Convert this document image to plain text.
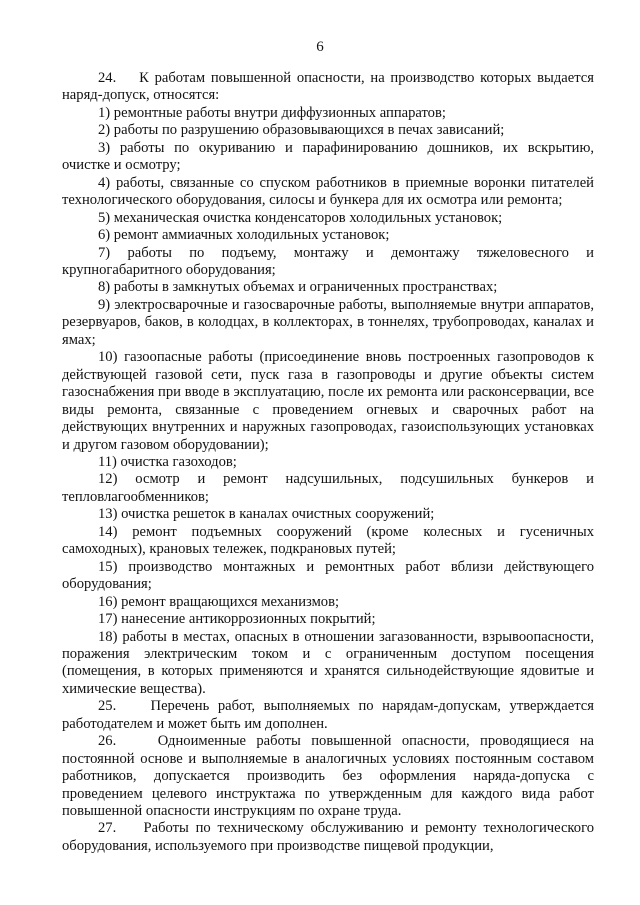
6

24.    К работам повышенной опасности, на производство которых выдается наряд-допуск, относятся:

1) ремонтные работы внутри диффузионных аппаратов;

2) работы по разрушению образовывающихся в печах зависаний;

3) работы по окуриванию и парафинированию дошников, их вскрытию, очистке и осмотру;

4) работы, связанные со спуском работников в приемные воронки питателей технологического оборудования, силосы и бункера для их осмотра или ремонта;

5) механическая очистка конденсаторов холодильных установок;

6) ремонт аммиачных холодильных установок;

7) работы по подъему, монтажу и демонтажу тяжеловесного и крупногабаритного оборудования;

8) работы в замкнутых объемах и ограниченных пространствах;

9) электросварочные и газосварочные работы, выполняемые внутри аппаратов, резервуаров, баков, в колодцах, в коллекторах, в тоннелях, трубопроводах, каналах и ямах;

10) газоопасные работы (присоединение вновь построенных газопроводов к действующей газовой сети, пуск газа в газопроводы и другие объекты систем газоснабжения при вводе в эксплуатацию, после их ремонта или расконсервации, все виды ремонта, связанные с проведением огневых и сварочных работ на действующих внутренних и наружных газопроводах, газоиспользующих установках и другом газовом оборудовании);

11) очистка газоходов;

12) осмотр и ремонт надсушильных, подсушильных бункеров и тепловлагообменников;

13) очистка решеток в каналах очистных сооружений;

14) ремонт подъемных сооружений (кроме колесных и гусеничных самоходных), крановых тележек, подкрановых путей;

15) производство монтажных и ремонтных работ вблизи действующего оборудования;

16) ремонт вращающихся механизмов;

17) нанесение антикоррозионных покрытий;

18) работы в местах, опасных в отношении загазованности, взрывоопасности, поражения электрическим током и с ограниченным доступом посещения (помещения, в которых применяются и хранятся сильнодействующие ядовитые и химические вещества).

25.    Перечень работ, выполняемых по нарядам-допускам, утверждается работодателем и может быть им дополнен.

26.    Одноименные работы повышенной опасности, проводящиеся на постоянной основе и выполняемые в аналогичных условиях постоянным составом работников, допускается производить без оформления наряда-допуска с проведением целевого инструктажа по утвержденным для каждого вида работ повышенной опасности инструкциям по охране труда.

27.    Работы по техническому обслуживанию и ремонту технологического оборудования, используемого при производстве пищевой продукции,
